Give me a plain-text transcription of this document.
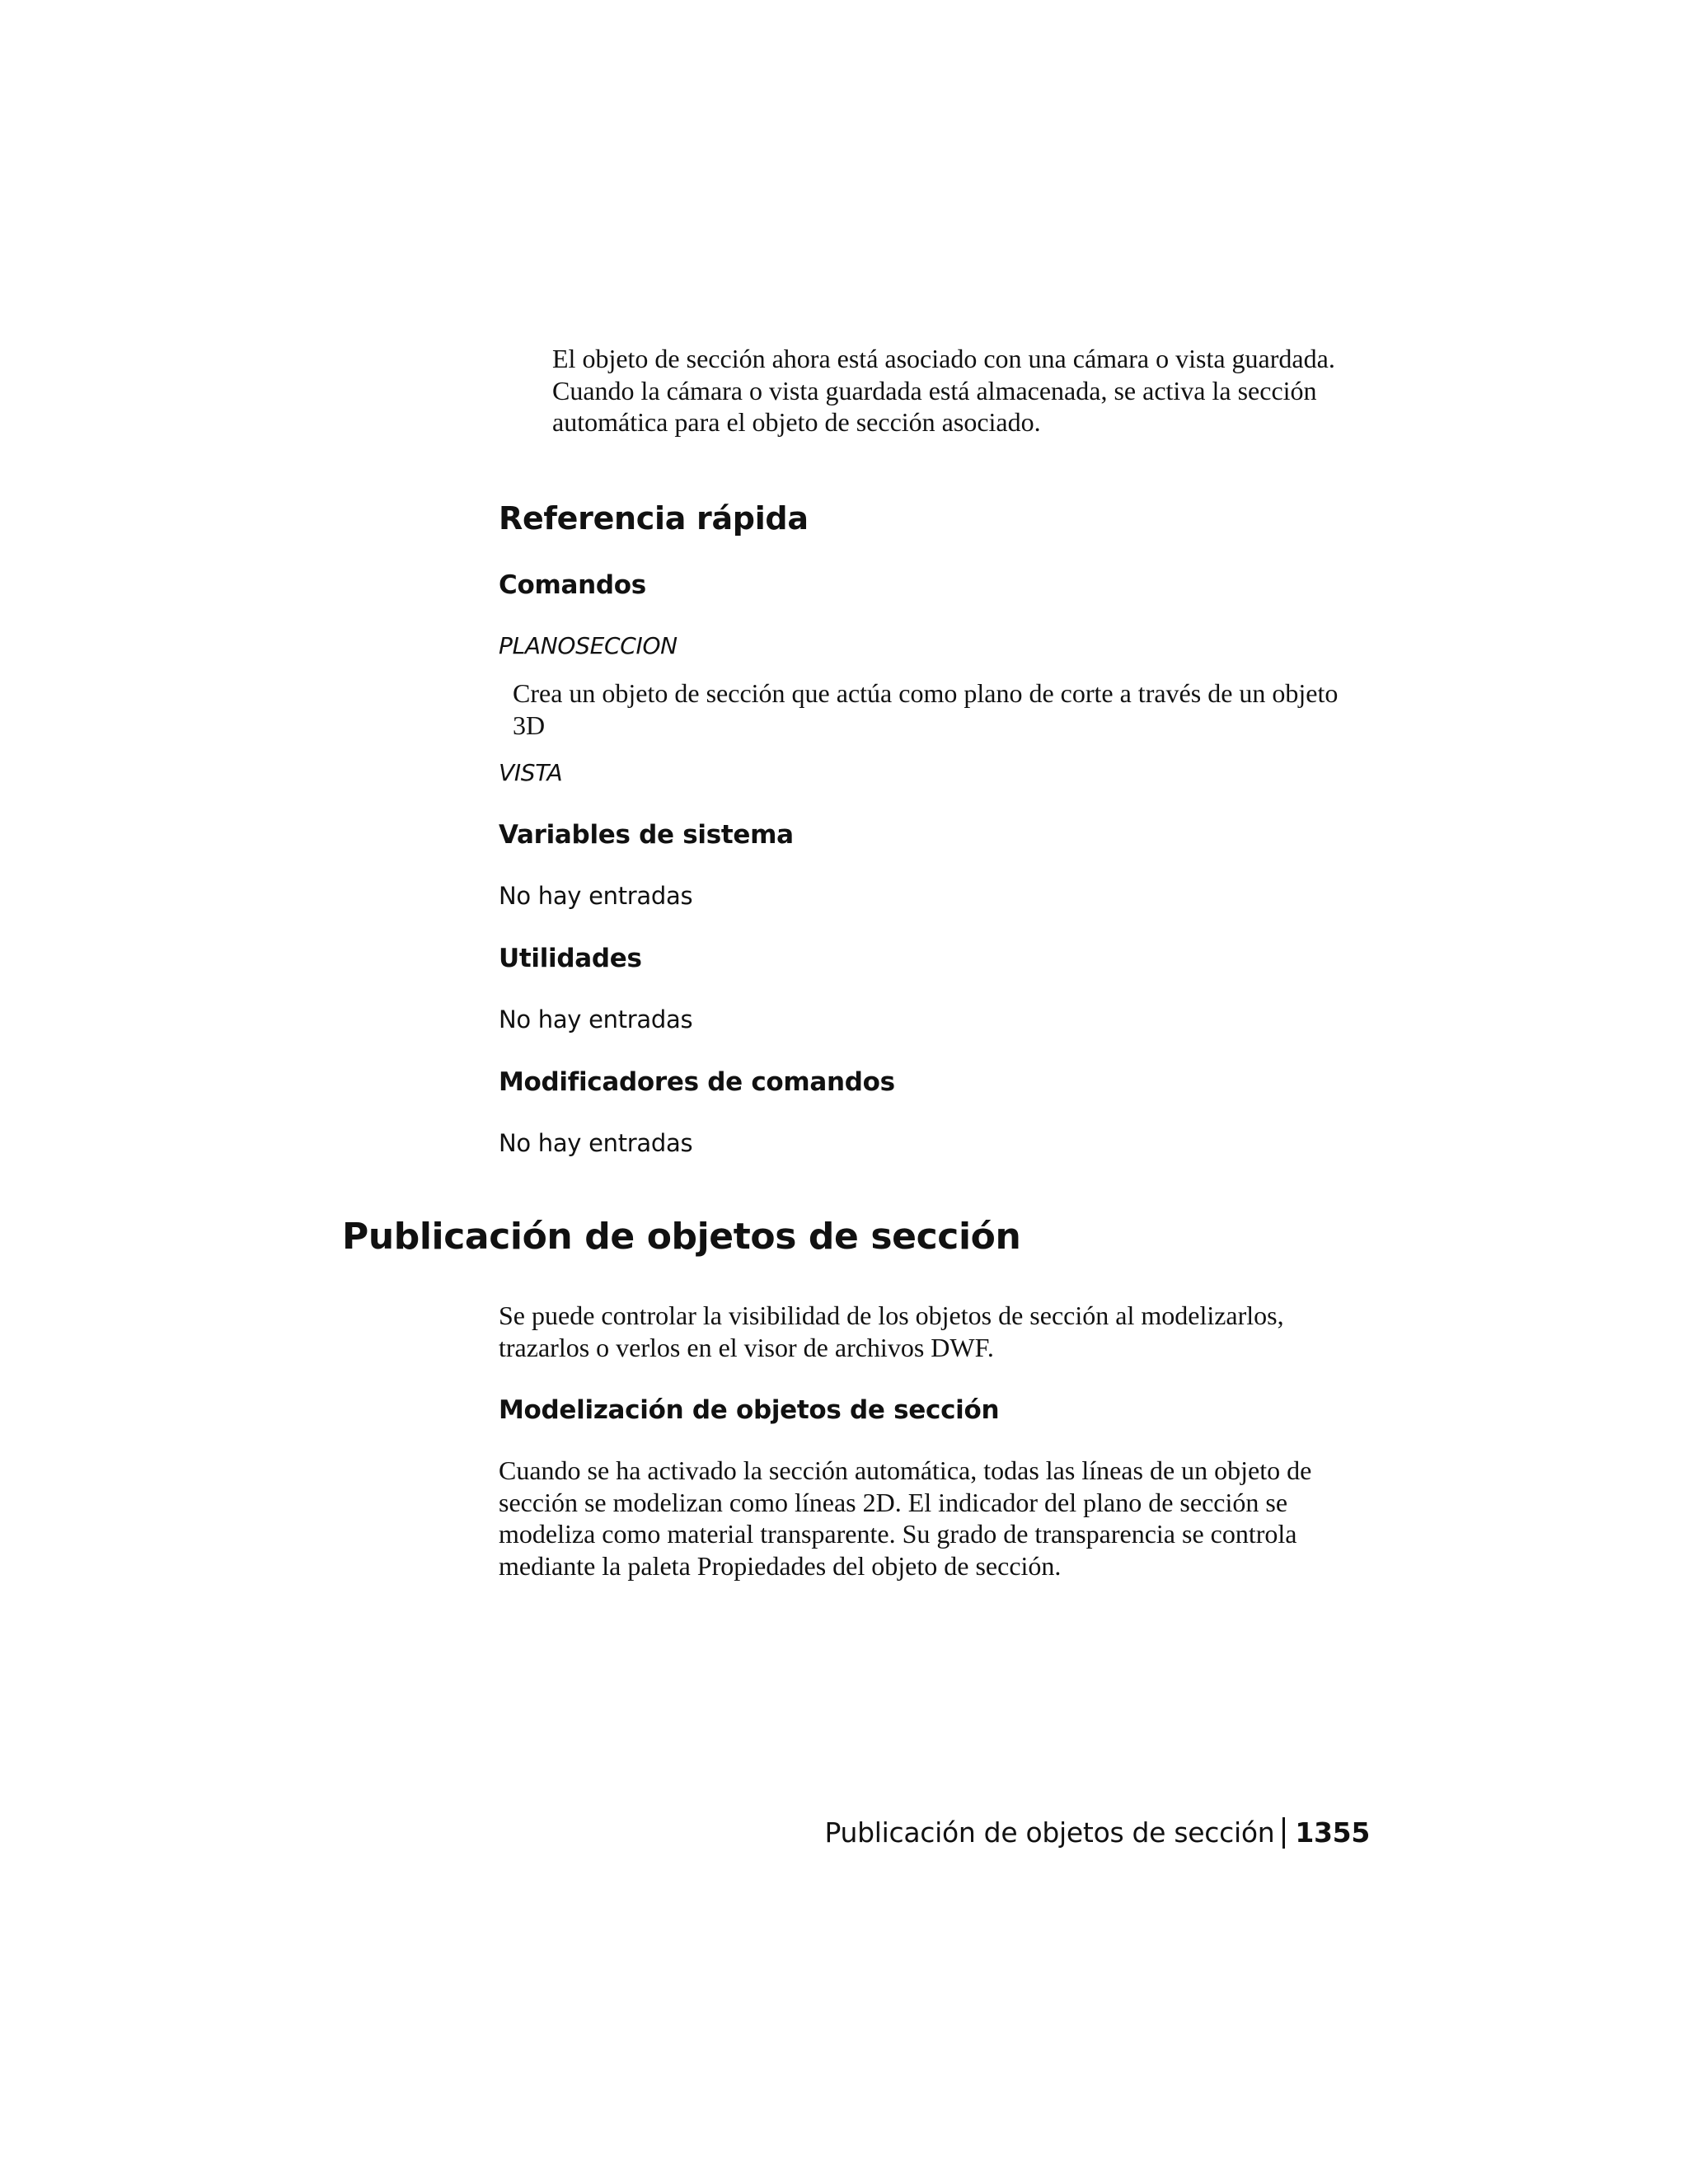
El objeto de sección ahora está asociado con una cámara o vista guardada. Cuando la cámara o vista guardada está almacenada, se activa la sección automática para el objeto de sección asociado.

Referencia rápida
Comandos
PLANOSECCION

Crea un objeto de sección que actúa como plano de corte a través de un objeto 3D

VISTA
Variables de sistema
No hay entradas
Utilidades
No hay entradas
Modificadores de comandos
No hay entradas
Publicación de objetos de sección

Se puede controlar la visibilidad de los objetos de sección al modelizarlos, trazarlos o verlos en el visor de archivos DWF.

Modelización de objetos de sección

Cuando se ha activado la sección automática, todas las líneas de un objeto de sección se modelizan como líneas 2D. El indicador del plano de sección se modeliza como material transparente. Su grado de transparencia se controla mediante la paleta Propiedades del objeto de sección.

Publicación de objetos de sección 1355
